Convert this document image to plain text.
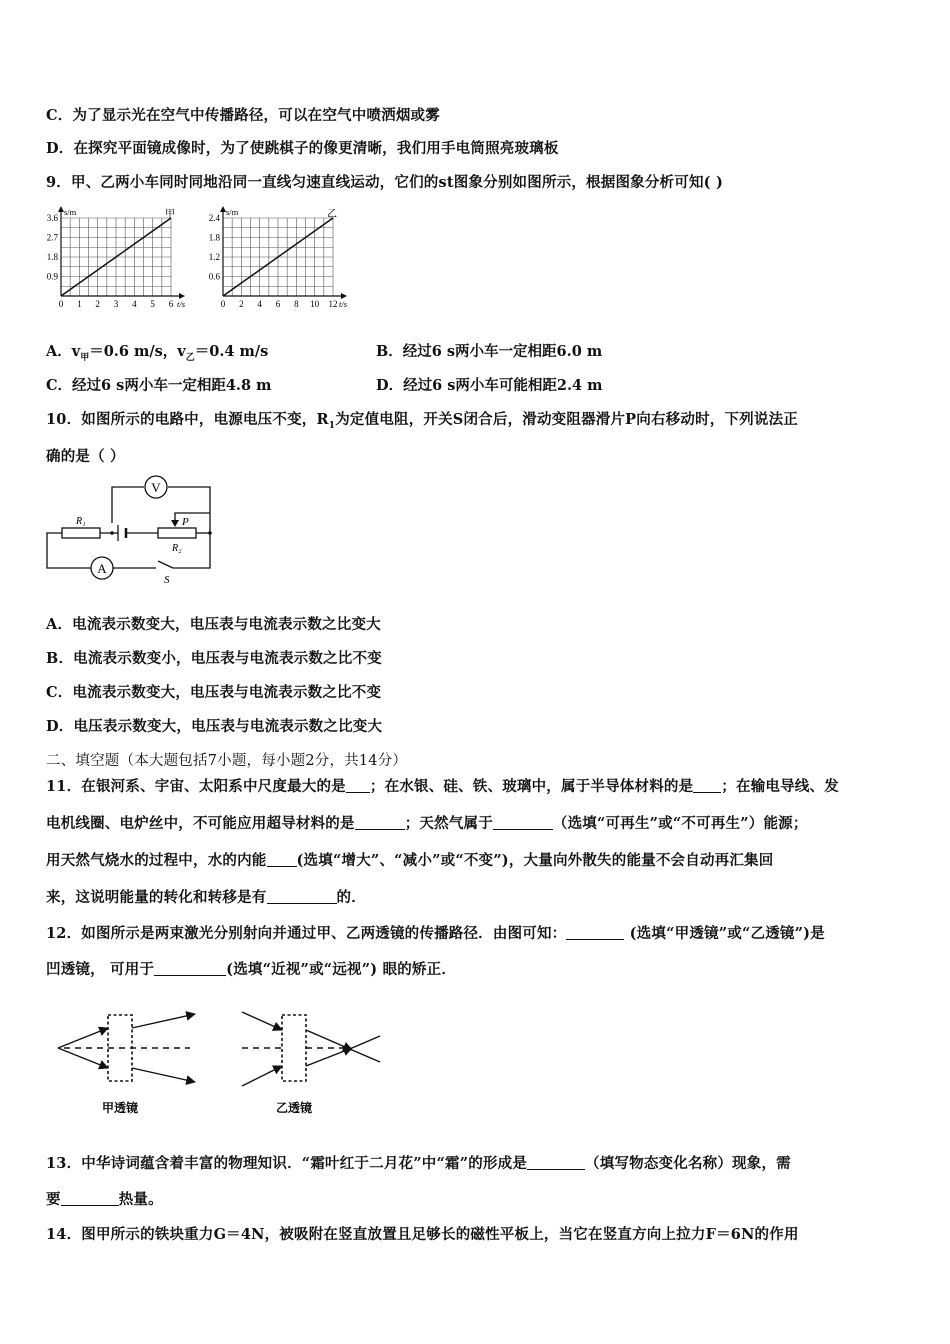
C．为了显示光在空气中传播路径，可以在空气中喷洒烟或雾
D．在探究平面镜成像时，为了使跳棋子的像更清晰，我们用手电筒照亮玻璃板
9．甲、乙两小车同时同地沿同一直线匀速直线运动，它们的st图象分别如图所示，根据图象分析可知( )
3.6
2.7
1.8
0.9
0 1 2 3 4 5 6
s/m
t/s
甲	2.4
1.8
1.2
0.6
0 2 4 6 8 10 12
s/m
t/s
乙
A．$v_甲=0.6$ m/s，$v_乙=0.4$ m/s	B．经过6 s两小车一定相距6.0 m
C．经过6 s两小车一定相距4.8 m	D．经过6 s两小车可能相距2.4 m
10．如图所示的电路中，电源电压不变，$R_1$为定值电阻，开关S闭合后，滑动变阻器滑片P向右移动时，下列说法正
确的是（ ）
V
A
R₁
R₂
P
S
A．电流表示数变大，电压表与电流表示数之比变大
B．电流表示数变小，电压表与电流表示数之比不变
C．电流表示数变大，电压表与电流表示数之比不变
D．电压表示数变大，电压表与电流表示数之比变大
二、填空题（本大题包括7小题，每小题2分，共14分）
11．在银河系、宇宙、太阳系中尺度最大的是 ；在水银、硅、铁、玻璃中，属于半导体材料的是 ；在输电导线、发
电机线圈、电炉丝中，不可能应用超导材料的是	；天然气属于	（选填“可再生”或“不可再生”）能源；
用天然气烧水的过程中，水的内能 (选填“增大”、“减小”或“不变”)，大量向外散失的能量不会自动再汇集回
来，这说明能量的转化和转移是有	的．
12．如图所示是两束激光分别射向并通过甲、乙两透镜的传播路径．由图可知：	(选填“甲透镜”或“乙透镜”)是
凹透镜， 可用于	(选填“近视”或“远视”) 眼的矫正．
甲透镜	乙透镜
13．中华诗词蕴含着丰富的物理知识．“霜叶红于二月花”中“霜”的形成是	（填写物态变化名称）现象，需
要	热量。
14．图甲所示的铁块重力G＝4N，被吸附在竖直放置且足够长的磁性平板上，当它在竖直方向上拉力F＝6N的作用
